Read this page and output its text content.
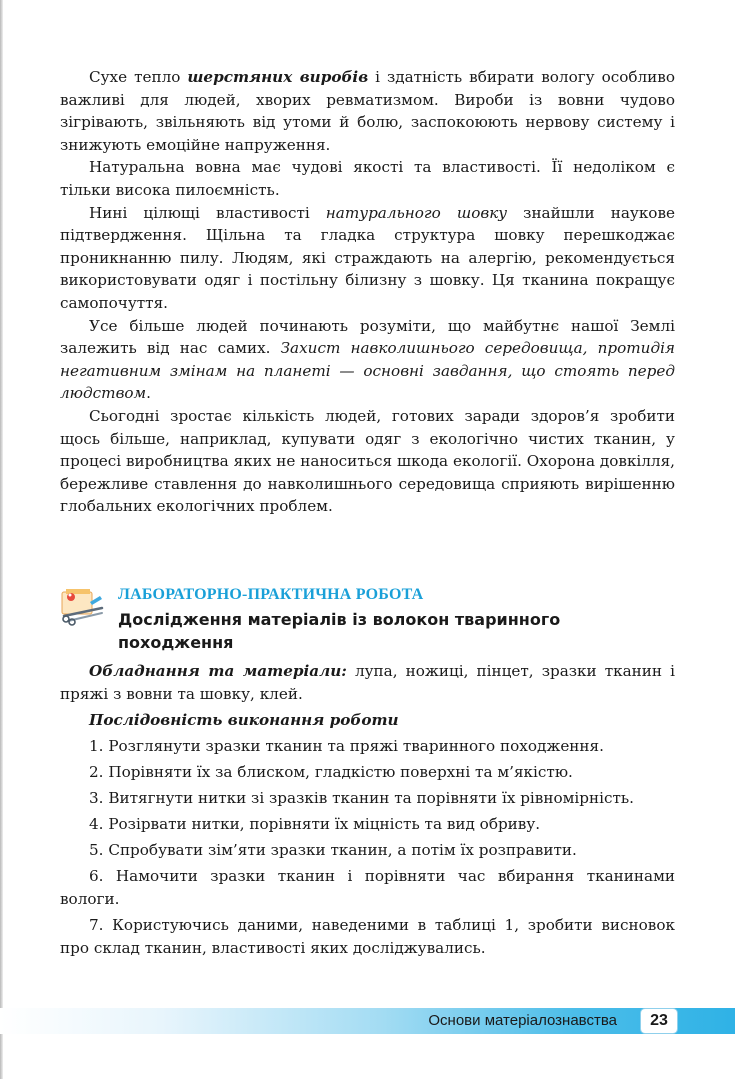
Сухе тепло шерстяних виробів і здатність вбирати вологу особливо важливі для людей, хворих ревматизмом. Вироби із вовни чудово зігрівають, звільняють від утоми й болю, заспокоюють нервову систему і знижують емоційне напруження.

Натуральна вовна має чудові якості та властивості. Її недоліком є тільки висока пилоємність.

Нині цілющі властивості натурального шовку знайшли наукове підтвердження. Щільна та гладка структура шовку перешкоджає проникнанню пилу. Людям, які страждають на алергію, рекомендується використовувати одяг і постільну білизну з шовку. Ця тканина покращує самопочуття.

Усе більше людей починають розуміти, що майбутнє нашої Землі залежить від нас самих. Захист навколишнього середовища, протидія негативним змінам на планеті — основні завдання, що стоять перед людством.

Сьогодні зростає кількість людей, готових заради здоров’я зробити щось більше, наприклад, купувати одяг з екологічно чистих тканин, у процесі виробництва яких не наноситься шкода екології. Охорона довкілля, бережливе ставлення до навколишнього середовища сприяють вирішенню глобальних екологічних проблем.

ЛАБОРАТОРНО-ПРАКТИЧНА РОБОТА
Дослідження матеріалів із волокон тваринного походження

Обладнання та матеріали: лупа, ножиці, пінцет, зразки тканин і пряжі з вовни та шовку, клей.

Послідовність виконання роботи

1. Розглянути зразки тканин та пряжі тваринного походження.

2. Порівняти їх за блиском, гладкістю поверхні та м’якістю.

3. Витягнути нитки зі зразків тканин та порівняти їх рівномірність.

4. Розірвати нитки, порівняти їх міцність та вид обриву.

5. Спробувати зім’яти зразки тканин, а потім їх розправити.

6. Намочити зразки тканин і порівняти час вбирання тканинами вологи.

7. Користуючись даними, наведеними в таблиці 1, зробити висновок про склад тканин, властивості яких досліджувались.

Основи матеріалознавства	23
